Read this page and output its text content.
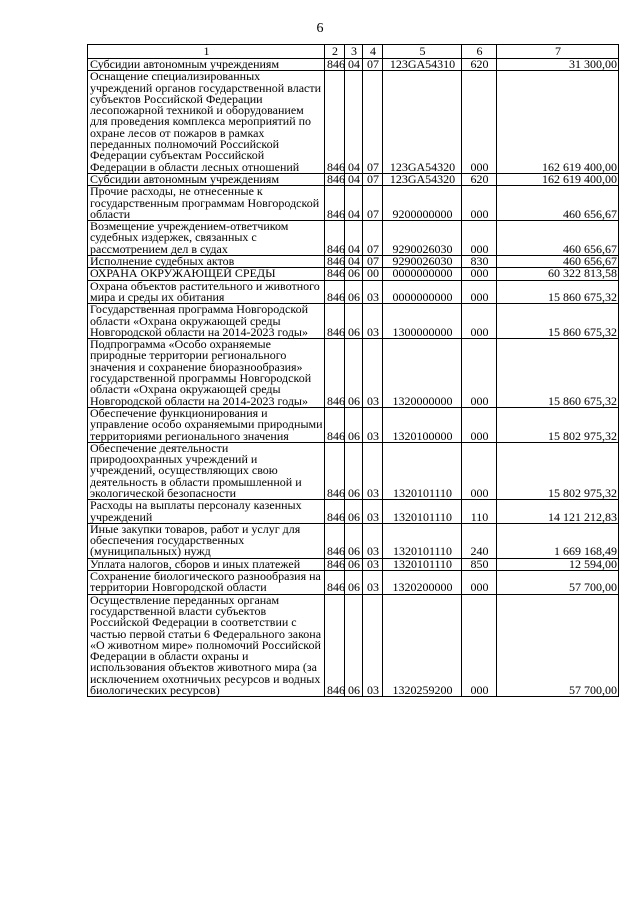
6
1	2	3	4	5	6	7
Субсидии автономным учреждениям	846	04	07	123GA54310	620	31 300,00
Оснащение специализированных учреждений органов государственной власти субъектов Российской Федерации лесопожарной техникой и оборудованием для проведения комплекса мероприятий по охране лесов от пожаров в рамках переданных полномочий Российской Федерации субъектам Российской Федерации в области лесных отношений	846	04	07	123GA54320	000	162 619 400,00
Субсидии автономным учреждениям	846	04	07	123GA54320	620	162 619 400,00
Прочие расходы, не отнесенные к государственным программам Новгородской области	846	04	07	9200000000	000	460 656,67
Возмещение учреждением-ответчиком судебных издержек, связанных с рассмотрением дел в судах	846	04	07	9290026030	000	460 656,67
Исполнение судебных актов	846	04	07	9290026030	830	460 656,67
ОХРАНА ОКРУЖАЮЩЕЙ СРЕДЫ	846	06	00	0000000000	000	60 322 813,58
Охрана объектов растительного и животного мира и среды их обитания	846	06	03	0000000000	000	15 860 675,32
Государственная программа Новгородской области «Охрана окружающей среды Новгородской области на 2014-2023 годы»	846	06	03	1300000000	000	15 860 675,32
Подпрограмма «Особо охраняемые природные территории регионального значения и сохранение биоразнообразия» государственной программы Новгородской области «Охрана окружающей среды Новгородской области на 2014-2023 годы»	846	06	03	1320000000	000	15 860 675,32
Обеспечение функционирования и управление особо охраняемыми природными территориями регионального значения	846	06	03	1320100000	000	15 802 975,32
Обеспечение деятельности природоохранных учреждений и учреждений, осуществляющих свою деятельность в области промышленной и экологической безопасности	846	06	03	1320101110	000	15 802 975,32
Расходы на выплаты персоналу казенных учреждений	846	06	03	1320101110	110	14 121 212,83
Иные закупки товаров, работ и услуг для обеспечения государственных (муниципальных) нужд	846	06	03	1320101110	240	1 669 168,49
Уплата налогов, сборов и иных платежей	846	06	03	1320101110	850	12 594,00
Сохранение биологического разнообразия на территории Новгородской области	846	06	03	1320200000	000	57 700,00
Осуществление переданных органам государственной власти субъектов Российской Федерации в соответствии с частью первой статьи 6 Федерального закона «О животном мире» полномочий Российской Федерации в области охраны и использования объектов животного мира (за исключением охотничьих ресурсов и водных биологических ресурсов)	846	06	03	1320259200	000	57 700,00
